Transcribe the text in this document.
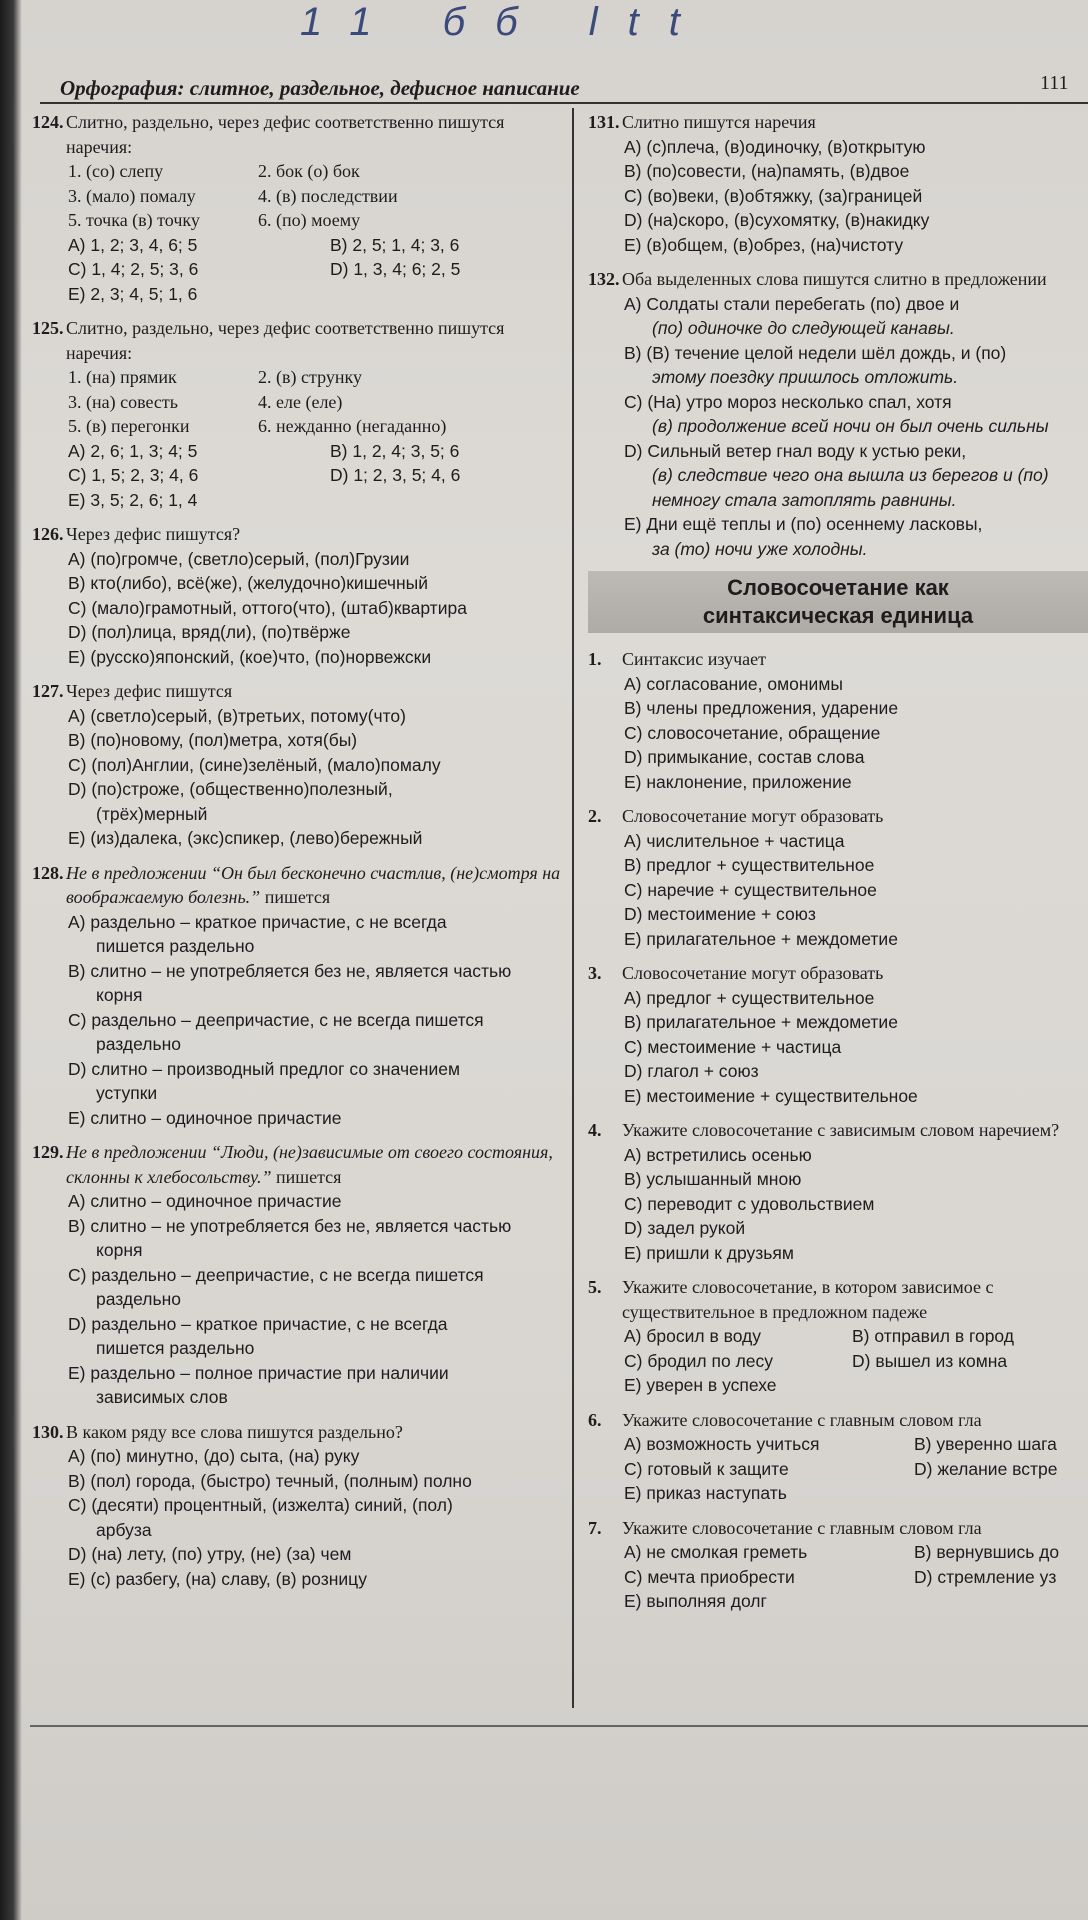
11 бб ltt
Орфография: слитное, раздельное, дефисное написание	111
124. Слитно, раздельно, через дефис соответственно пишутся наречия:
1. (со) слепу	2. бок (о) бок
3. (мало) помалу	4. (в) последствии
5. точка (в) точку	6. (по) моему
A) 1, 2; 3, 4, 6; 5	B) 2, 5; 1, 4; 3, 6
C) 1, 4; 2, 5; 3, 6	D) 1, 3, 4; 6; 2, 5
E) 2, 3; 4, 5; 1, 6
125. Слитно, раздельно, через дефис соответственно пишутся наречия:
1. (на) прямик	2. (в) струнку
3. (на) совесть	4. еле (еле)
5. (в) перегонки	6. нежданно (негаданно)
A) 2, 6; 1, 3; 4; 5	B) 1, 2, 4; 3, 5; 6
C) 1, 5; 2, 3; 4, 6	D) 1; 2, 3, 5; 4, 6
E) 3, 5; 2, 6; 1, 4
126. Через дефис пишутся?
A) (по)громче, (светло)серый, (пол)Грузии
B) кто(либо), всё(же), (желудочно)кишечный
C) (мало)грамотный, оттого(что), (штаб)квартира
D) (пол)лица, вряд(ли), (по)твёрже
E) (русско)японский, (кое)что, (по)норвежски
127. Через дефис пишутся
A) (светло)серый, (в)третьих, потому(что)
B) (по)новому, (пол)метра, хотя(бы)
C) (пол)Англии, (сине)зелёный, (мало)помалу
D) (по)строже, (общественно)полезный,
(трёх)мерный
E) (из)далека, (экс)спикер, (лево)бережный
128. Не в предложении “Он был бесконечно счастлив, (не)смотря на воображаемую болезнь.” пишется
A) раздельно – краткое причастие, с не всегда
пишется раздельно
B) слитно – не употребляется без не, является частью
корня
C) раздельно – деепричастие, с не всегда пишется
раздельно
D) слитно – производный предлог со значением
уступки
E) слитно – одиночное причастие
129. Не в предложении “Люди, (не)зависимые от своего состояния, склонны к хлебосольству.” пишется
A) слитно – одиночное причастие
B) слитно – не употребляется без не, является частью
корня
C) раздельно – деепричастие, с не всегда пишется
раздельно
D) раздельно – краткое причастие, с не всегда
пишется раздельно
E) раздельно – полное причастие при наличии
зависимых слов
130. В каком ряду все слова пишутся раздельно?
A) (по) минутно, (до) сыта, (на) руку
B) (пол) города, (быстро) течный, (полным) полно
C) (десяти) процентный, (изжелта) синий, (пол)
арбуза
D) (на) лету, (по) утру, (не) (за) чем
E) (с) разбегу, (на) славу, (в) розницу
131. Слитно пишутся наречия
A) (с)плеча, (в)одиночку, (в)открытую
B) (по)совести, (на)память, (в)двое
C) (во)веки, (в)обтяжку, (за)границей
D) (на)скоро, (в)сухомятку, (в)накидку
E) (в)общем, (в)обрез, (на)чистоту
132. Оба выделенных слова пишутся слитно в предложении
A) Солдаты стали перебегать (по) двое и
(по) одиночке до следующей канавы.
B) (В) течение целой недели шёл дождь, и (по)
этому поездку пришлось отложить.
C) (На) утро мороз несколько спал, хотя
(в) продолжение всей ночи он был очень сильны
D) Сильный ветер гнал воду к устью реки,
(в) следствие чего она вышла из берегов и (по)
немногу стала затоплять равнины.
E) Дни ещё теплы и (по) осеннему ласковы,
за (то) ночи уже холодны.
Словосочетание как
синтаксическая единица
1.	Синтаксис изучает
A) согласование, омонимы
B) члены предложения, ударение
C) словосочетание, обращение
D) примыкание, состав слова
E) наклонение, приложение
2.	Словосочетание могут образовать
A) числительное + частица
B) предлог + существительное
C) наречие + существительное
D) местоимение + союз
E) прилагательное + междометие
3.	Словосочетание могут образовать
A) предлог + существительное
B) прилагательное + междометие
C) местоимение + частица
D) глагол + союз
E) местоимение + существительное
4.	Укажите словосочетание с зависимым словом наречием?
A) встретились осенью
B) услышанный мною
C) переводит с удовольствием
D) задел рукой
E) пришли к друзьям
5.	Укажите словосочетание, в котором зависимое с существительное в предложном падеже
A) бросил в воду	B) отправил в город
C) бродил по лесу	D) вышел из комна
E) уверен в успехе
6.	Укажите словосочетание с главным словом гла
A) возможность учиться	B) уверенно шага
C) готовый к защите	D) желание встре
E) приказ наступать
7.	Укажите словосочетание с главным словом гла
A) не смолкая греметь	B) вернувшись до
C) мечта приобрести	D) стремление уз
E) выполняя долг
